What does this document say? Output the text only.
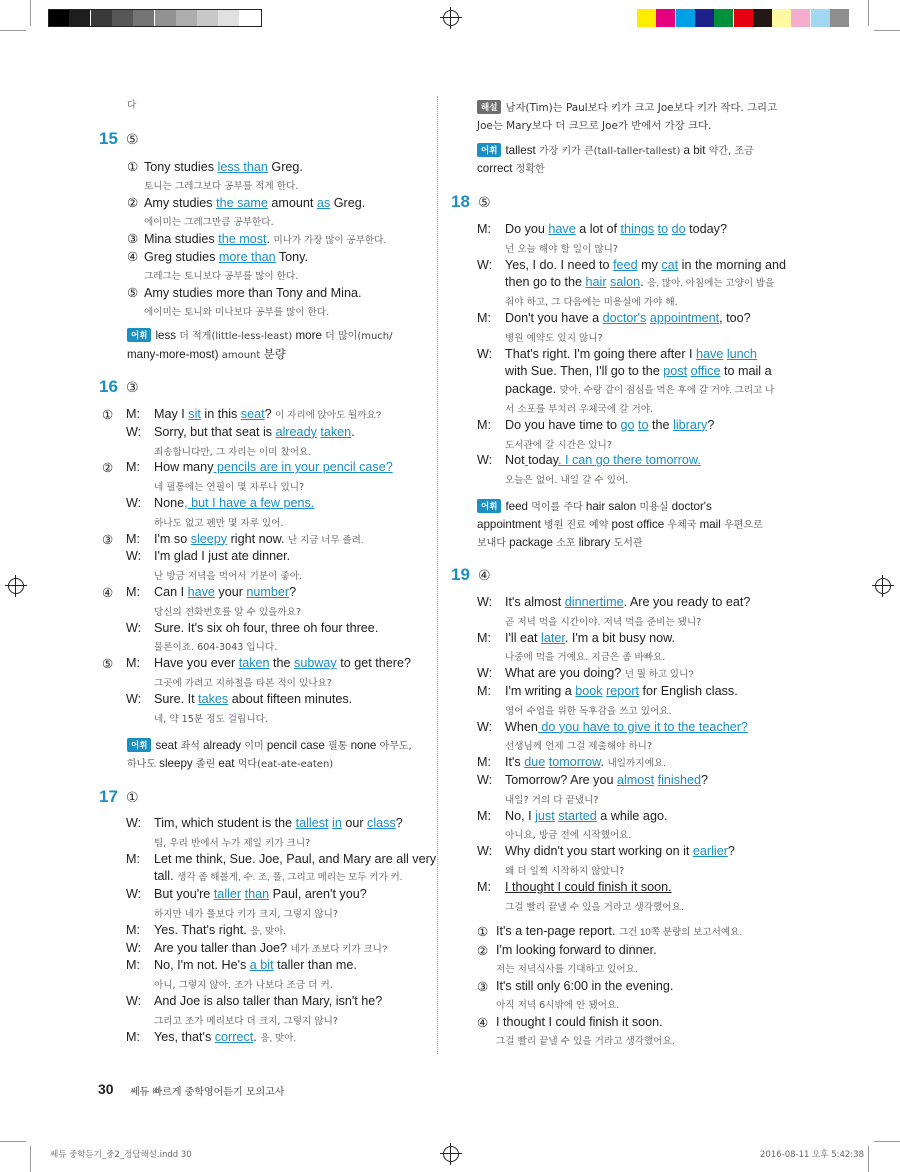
다
15 ⑤
① Tony studies less than Greg.
토니는 그레그보다 공부를 적게 한다.
② Amy studies the same amount as Greg.
에이미는 그레그만큼 공부한다.
③ Mina studies the most. 미나가 가장 많이 공부한다.
④ Greg studies more than Tony.
그레그는 토니보다 공부를 많이 한다.
⑤ Amy studies more than Tony and Mina.
에이미는 토니와 미나보다 공부를 많이 한다.
어휘 less 더 적게(little-less-least) more 더 많이(much/
many-more-most) amount 분량
16 ③
① M: May I sit in this seat? 이 자리에 앉아도 될까요?
W: Sorry, but that seat is already taken.
죄송합니다만, 그 자리는 이미 찼어요.
② M: How many pencils are in your pencil case?
네 필통에는 연필이 몇 자루나 있니?
W: None, but I have a few pens.
하나도 없고 펜만 몇 자루 있어.
③ M: I'm so sleepy right now. 난 지금 너무 졸려.
W: I'm glad I just ate dinner.
난 방금 저녁을 먹어서 기분이 좋아.
④ M: Can I have your number?
당신의 전화번호를 알 수 있을까요?
W: Sure. It's six oh four, three oh four three.
물론이죠. 604-3043 입니다.
⑤ M: Have you ever taken the subway to get there?
그곳에 가려고 지하철을 타본 적이 있나요?
W: Sure. It takes about fifteen minutes.
네, 약 15분 정도 걸립니다.
어휘 seat 좌석 already 이미 pencil case 필통 none 아무도,
하나도 sleepy 졸린 eat 먹다(eat-ate-eaten)
17 ①
W: Tim, which student is the tallest in our class?
팀, 우리 반에서 누가 제일 키가 크니?
M: Let me think, Sue. Joe, Paul, and Mary are all very
tall. 생각 좀 해볼게, 수. 조, 폴, 그리고 메리는 모두 키가 커.
W: But you're taller than Paul, aren't you?
하지만 네가 폴보다 키가 크지, 그렇지 않니?
M: Yes. That's right. 응, 맞아.
W: Are you taller than Joe? 네가 조보다 키가 크니?
M: No, I'm not. He's a bit taller than me.
아니, 그렇지 않아. 조가 나보다 조금 더 커.
W: And Joe is also taller than Mary, isn't he?
그리고 조가 메리보다 더 크지, 그렇지 않니?
M: Yes, that's correct. 응, 맞아.
해설 남자(Tim)는 Paul보다 키가 크고 Joe보다 키가 작다. 그리고
Joe는 Mary보다 더 크므로 Joe가 반에서 가장 크다.
어휘 tallest 가장 키가 큰(tall-taller-tallest) a bit 약간, 조금
correct 정확한
18 ⑤
M: Do you have a lot of things to do today?
넌 오늘 해야 할 일이 많니?
W: Yes, I do. I need to feed my cat in the morning and
then go to the hair salon. 응, 많아. 아침에는 고양이 밥을
줘야 하고, 그 다음에는 미용실에 가야 해.
M: Don't you have a doctor's appointment, too?
병원 예약도 있지 않니?
W: That's right. I'm going there after I have lunch
with Sue. Then, I'll go to the post office to mail a
package. 맞아. 수랑 같이 점심을 먹은 후에 갈 거야. 그리고 나
서 소포를 부치러 우체국에 갈 거야.
M: Do you have time to go to the library?
도서관에 갈 시간은 있니?
W: Not today. I can go there tomorrow.
오늘은 없어. 내일 갈 수 있어.
어휘 feed 먹이를 주다 hair salon 미용실 doctor's
appointment 병원 진료 예약 post office 우체국 mail 우편으로
보내다 package 소포 library 도서관
19 ④
W: It's almost dinnertime. Are you ready to eat?
곧 저녁 먹을 시간이야. 저녁 먹을 준비는 됐니?
M: I'll eat later. I'm a bit busy now.
나중에 먹을 거예요. 지금은 좀 바빠요.
W: What are you doing? 넌 뭘 하고 있니?
M: I'm writing a book report for English class.
영어 수업을 위한 독후감을 쓰고 있어요.
W: When do you have to give it to the teacher?
선생님께 언제 그걸 제출해야 하니?
M: It's due tomorrow. 내일까지예요.
W: Tomorrow? Are you almost finished?
내일? 거의 다 끝냈니?
M: No, I just started a while ago.
아니요, 방금 전에 시작했어요.
W: Why didn't you start working on it earlier?
왜 더 일찍 시작하지 않았니?
M: I thought I could finish it soon.
그걸 빨리 끝낼 수 있을 거라고 생각했어요.
① It's a ten-page report. 그건 10쪽 분량의 보고서예요.
② I'm looking forward to dinner.
저는 저녁식사를 기대하고 있어요.
③ It's still only 6:00 in the evening.
아직 저녁 6시밖에 안 됐어요.
④ I thought I could finish it soon.
그걸 빨리 끝낼 수 있을 거라고 생각했어요.
30 쎄듀 빠르게 중학영어듣기 모의고사
쎄듀 중학듣기_중2_정답해설.indd 30	2016-08-11 오후 5:42:38
